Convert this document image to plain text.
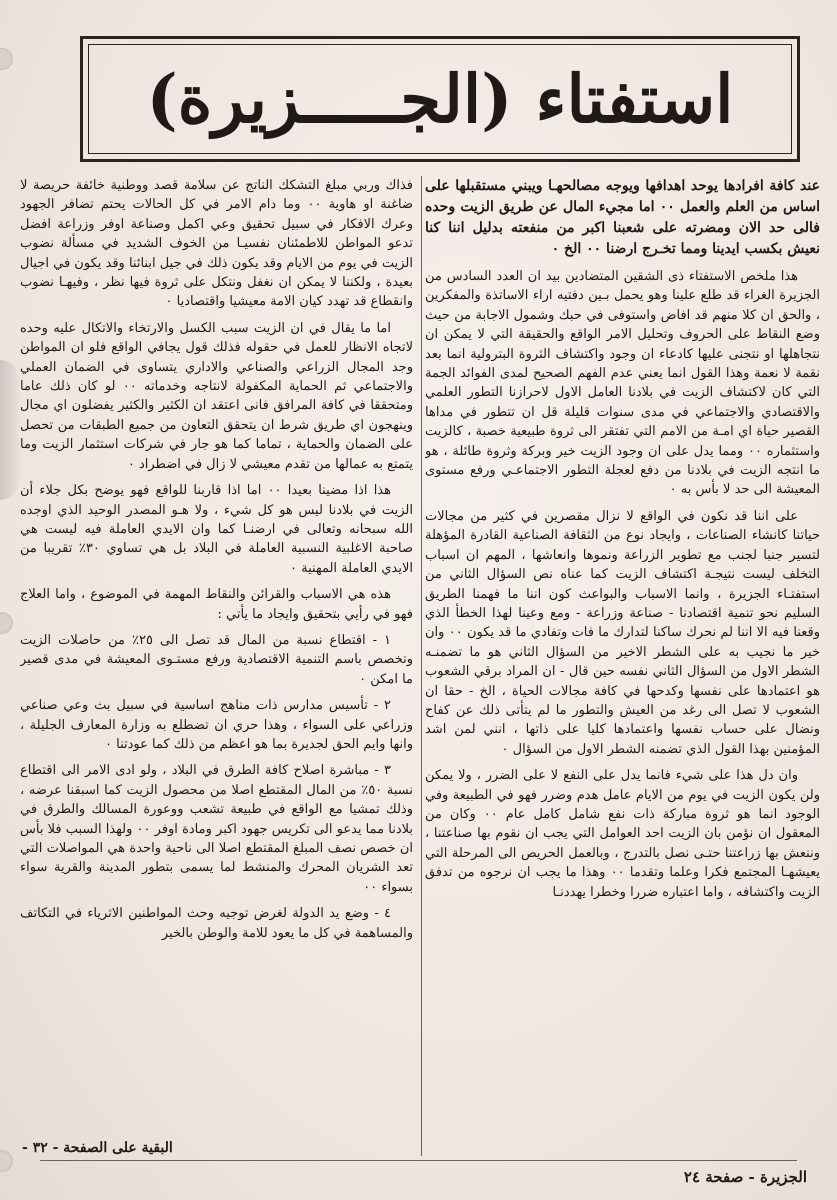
استفتاء (الجـــــزيرة)

عند كافة افرادها يوحد اهدافها ويوجه مصالحهـا ويبني مستقبلها على اساس من العلم والعمل ٠٠ اما مجيء المال عن طريق الزيت وحده فالى حد الان ومضرته على شعبنا اكبر من منفعته بدليل اننا كنا نعيش بكسب ايدينا ومما تخـرج ارضنا ٠٠ الخ ٠

هذا ملخص الاستفتاء ذى الشقين المتضادين بيد ان العدد السادس من الجزيرة الغراء قد طلع علينا وهو يحمل بـين دفتيه اراء الاساتذة والمفكرين ، والحق ان كلا منهم قد افاض واستوفى في حبك وشمول الاجابة من حيث وضع النقاط على الحروف وتحليل الامر الواقع والحقيقة التي لا يمكن ان نتجاهلها او نتجنى عليها كادعاء ان وجود واكتشاف الثروة البترولية انما بعد نقمة لا نعمة وهذا القول انما يعني عدم الفهم الصحيح لمدى الفوائد الجمة التي كان لاكتشاف الزيت في بلادنا العامل الاول لاحرازنا التطور العلمي والاقتصادي والاجتماعي في مدى سنوات قليلة قل ان تتطور في مداها القصير حياة اي امـة من الامم التي تفتقر الى ثروة طبيعية خصبة ، كالزيت واستثماره ٠٠ ومما يدل على ان وجود الزيت خير وبركة وثروة طائلة ، هو ما انتجه الزيت في بلادنا من دفع لعجلة التطور الاجتماعـي ورفع مستوى المعيشة الى حد لا بأس به ٠

على اننا قد نكون في الواقع لا نزال مقصرين في كثير من مجالات حياتنا كانشاء الصناعات ، وايجاد نوع من الثقافة الصناعية القادرة المؤهلة لتسير جنبا لجنب مع تطوير الزراعة ونموها وانعاشها ، المهم ان اسباب التخلف ليست نتيجـة اكتشاف الزيت كما عناه نص السؤال الثاني من استفتـاء الجزيرة ، وانما الاسباب والبواعث كون اننا ما فهمنا الطريق السليم نحو تنمية اقتصادنا - صناعة وزراعة - ومع وعينا لهذا الخطأ الذي وقعنا فيه الا اننا لم نحرك ساكنا لتدارك ما فات وتفادي ما قد يكون ٠٠ وان خير ما نجيب به على الشطر الاخير من السؤال الثاني هو ما تضمنـه الشطر الاول من السؤال الثاني نفسه حين قال - ان المراد برقي الشعوب هو اعتمادها على نفسها وكدحها في كافة مجالات الحياة ، الخ - حقا ان الشعوب لا تصل الى رغد من العيش والتطور ما لم يتأتى ذلك عن كفاح ونضال على حساب نفسها واعتمادها كليا على ذاتها ، انني لمن اشد المؤمنين بهذا القول الذي تضمنه الشطر الاول من السؤال ٠

وان دل هذا على شيء فانما يدل على النفع لا على الضرر ، ولا يمكن ولن يكون الزيت في يوم من الايام عامل هدم وضرر فهو في الطبيعة وفي الوجود انما هو ثروة مباركة ذات نفع شامل كامل عام ٠٠ وكان من المعقول ان نؤمن بان الزيت احد العوامل التي يجب ان نقوم بها صناعتنا ، وننعش بها زراعتنا حتـى نصل بالتدرج ، وبالعمل الحريص الى المرحلة التي يعيشهـا المجتمع فكرا وعلما وتقدما ٠٠ وهذا ما يجب ان نرجوه من تدفق الزيت واكتشافه ، واما اعتباره ضررا وخطرا يهددنـا

فذاك وربي مبلغ التشكك الناتج عن سلامة قصد ووطنية خائفة حريصة لا ضاغنة او هاوية ٠٠ وما دام الامر في كل الحالات يحتم تضافر الجهود وعرك الافكار في سبيل تحقيق وعي اكمل وصناعة اوفر وزراعة افضل تدعو المواطن للاطمئنان نفسيـا من الخوف الشديد في مسألة نضوب الزيت في يوم من الايام وقد يكون ذلك في جيل ابنائنا وقد يكون في اجيال بعيدة ، ولكننا لا يمكن ان نغفل ونتكل على ثروة فيها نظر ، وفيهـا نضوب وانقطاع قد تهدد كيان الامة معيشيا واقتصاديا ٠

اما ما يقال في ان الزيت سبب الكسل والارتخاء والاتكال عليه وحده لاتجاه الانظار للعمل في حقوله فذلك قول يجافي الواقع فلو ان المواطن وجد المجال الزراعي والصناعي والاداري يتساوى في الضمان العملي والاجتماعي ثم الحماية المكفولة لانتاجه وخدماته ٠٠ لو كان ذلك عاما ومتحققا في كافة المرافق فانى اعتقد ان الكثير والكثير يفضلون اي مجال وينهجون اي طريق شرط ان يتحقق التعاون من جميع الطبقات من تحصل على الضمان والحماية ، تماما كما هو جار في شركات استثمار الزيت وما يتمتع به عمالها من تقدم معيشي لا زال في اضطراد ٠

هذا اذا مضينا بعيدا ٠٠ اما اذا قاربنا للواقع فهو يوضح بكل جلاء أن الزيت في بلادنا ليس هو كل شيء ، ولا هـو المصدر الوحيد الذي اوجده الله سبحانه وتعالى في ارضنـا كما وان الايدي العاملة فيه ليست هي صاحبة الاغلبية النسبية العاملة في البلاد بل هي تساوي ٣٠٪ تقريبا من الايدي العاملة المهنية ٠

هذه هي الاسباب والقرائن والنقاط المهمة في الموضوع ، واما العلاج فهو في رأيي بتحقيق وايجاد ما يأتي :

١ - اقتطاع نسبة من المال قد تصل الى ٢٥٪ من حاصلات الزيت وتخصص باسم التنمية الاقتصادية ورفع مستـوى المعيشة في مدى قصير ما امكن ٠

٢ - تأسيس مدارس ذات مناهج اساسية في سبيل بث وعي صناعي وزراعي على السواء ، وهذا حري ان تضطلع به وزارة المعارف الجليلة ، وانها وايم الحق لجديرة بما هو اعظم من ذلك كما عودتنا ٠

٣ - مباشرة اصلاح كافة الطرق في البلاد ، ولو ادى الامر الى اقتطاع نسبة ٥٠٪ من المال المقتطع اصلا من محصول الزيت كما اسبقنا عرضه ، وذلك تمشيا مع الواقع في طبيعة تشعب ووعورة المسالك والطرق في بلادنا مما يدعو الى تكريس جهود اكبر ومادة اوفر ٠٠ ولهذا السبب فلا بأس ان خصص نصف المبلغ المقتطع اصلا الى ناحية واحدة هي المواصلات التي تعد الشريان المحرك والمنشط لما يسمى بتطور المدينة والقرية سواء بسواء ٠٠

٤ - وضع يد الدولة لغرض توجيه وحث المواطنين الاثرياء في التكاتف والمساهمة في كل ما يعود للامة والوطن بالخير

البقية على الصفحة - ٣٢ -
الجزيرة - صفحة ٢٤
